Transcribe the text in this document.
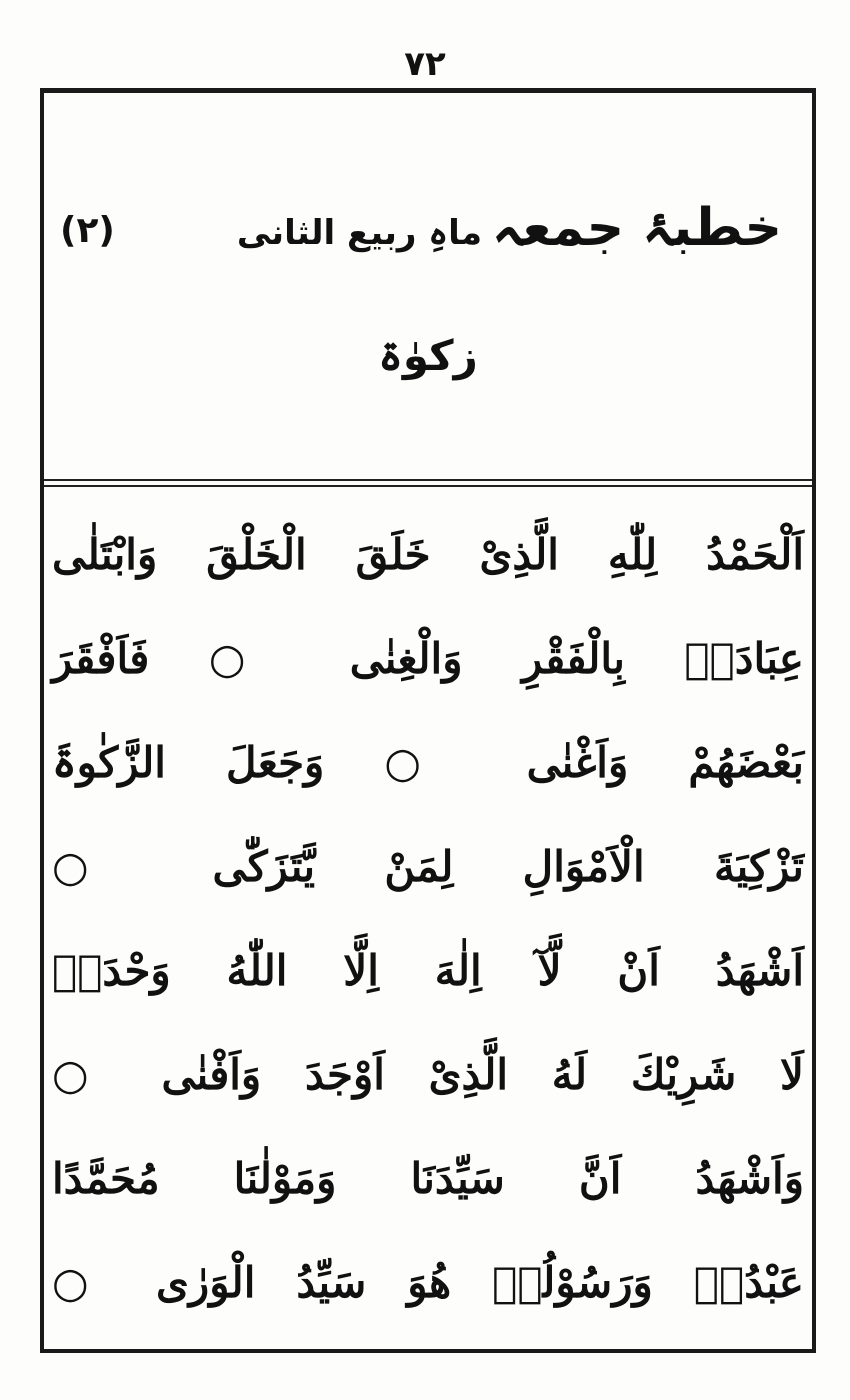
۷۲
خطبۂ جمعہ
ماہِ ربیع الثانی
(۲)
زکوٰۃ
اَلْحَمْدُ لِلّٰهِ الَّذِیْ خَلَقَ الْخَلْقَ وَابْتَلٰی
عِبَادَہٗ بِالْفَقْرِ وَالْغِنٰی ○ فَاَفْقَرَ
بَعْضَهُمْ وَاَغْنٰی ○ وَجَعَلَ الزَّکٰوۃَ
تَزْکِیَةَ الْاَمْوَالِ لِمَنْ یَّتَزَکّٰی ○
اَشْهَدُ اَنْ لَّآ اِلٰهَ اِلَّا اللّٰهُ وَحْدَہٗ
لَا شَرِیْكَ لَهُ الَّذِیْ اَوْجَدَ وَاَفْنٰی ○
وَاَشْهَدُ اَنَّ سَیِّدَنَا وَمَوْلٰنَا مُحَمَّدًا
عَبْدُہٗ وَرَسُوْلُہٗ هُوَ سَیِّدُ الْوَرٰی ○
